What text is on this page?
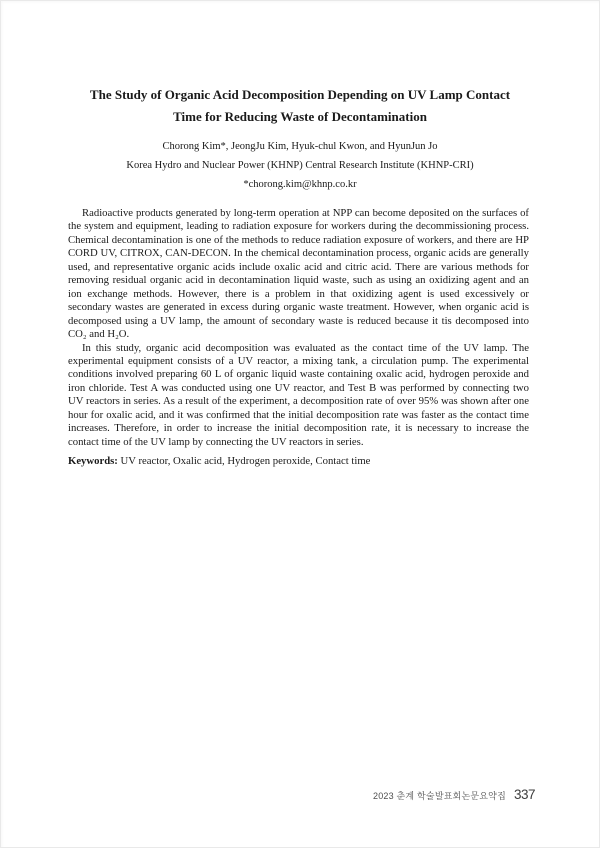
The Study of Organic Acid Decomposition Depending on UV Lamp Contact
Time for Reducing Waste of Decontamination
Chorong Kim*, JeongJu Kim, Hyuk-chul Kwon, and HyunJun Jo
Korea Hydro and Nuclear Power (KHNP) Central Research Institute (KHNP-CRI)
*chorong.kim@khnp.co.kr

Radioactive products generated by long-term operation at NPP can become deposited on the surfaces of the system and equipment, leading to radiation exposure for workers during the decommissioning process. Chemical decontamination is one of the methods to reduce radiation exposure of workers, and there are HP CORD UV, CITROX, CAN-DECON. In the chemical decontamination process, organic acids are generally used, and representative organic acids include oxalic acid and citric acid. There are various methods for removing residual organic acid in decontamination liquid waste, such as using an oxidizing agent and an ion exchange methods. However, there is a problem in that oxidizing agent is used excessively or secondary wastes are generated in excess during organic waste treatment. However, when organic acid is decomposed using a UV lamp, the amount of secondary waste is reduced because it tis decomposed into CO₂ and H₂O.

In this study, organic acid decomposition was evaluated as the contact time of the UV lamp. The experimental equipment consists of a UV reactor, a mixing tank, a circulation pump. The experimental conditions involved preparing 60 L of organic liquid waste containing oxalic acid, hydrogen peroxide and iron chloride. Test A was conducted using one UV reactor, and Test B was performed by connecting two UV reactors in series. As a result of the experiment, a decomposition rate of over 95% was shown after one hour for oxalic acid, and it was confirmed that the initial decomposition rate was faster as the contact time increases. Therefore, in order to increase the initial decomposition rate, it is necessary to increase the contact time of the UV lamp by connecting the UV reactors in series.

Keywords: UV reactor, Oxalic acid, Hydrogen peroxide, Contact time
2023 춘계 학술발표회논문요약집 337
